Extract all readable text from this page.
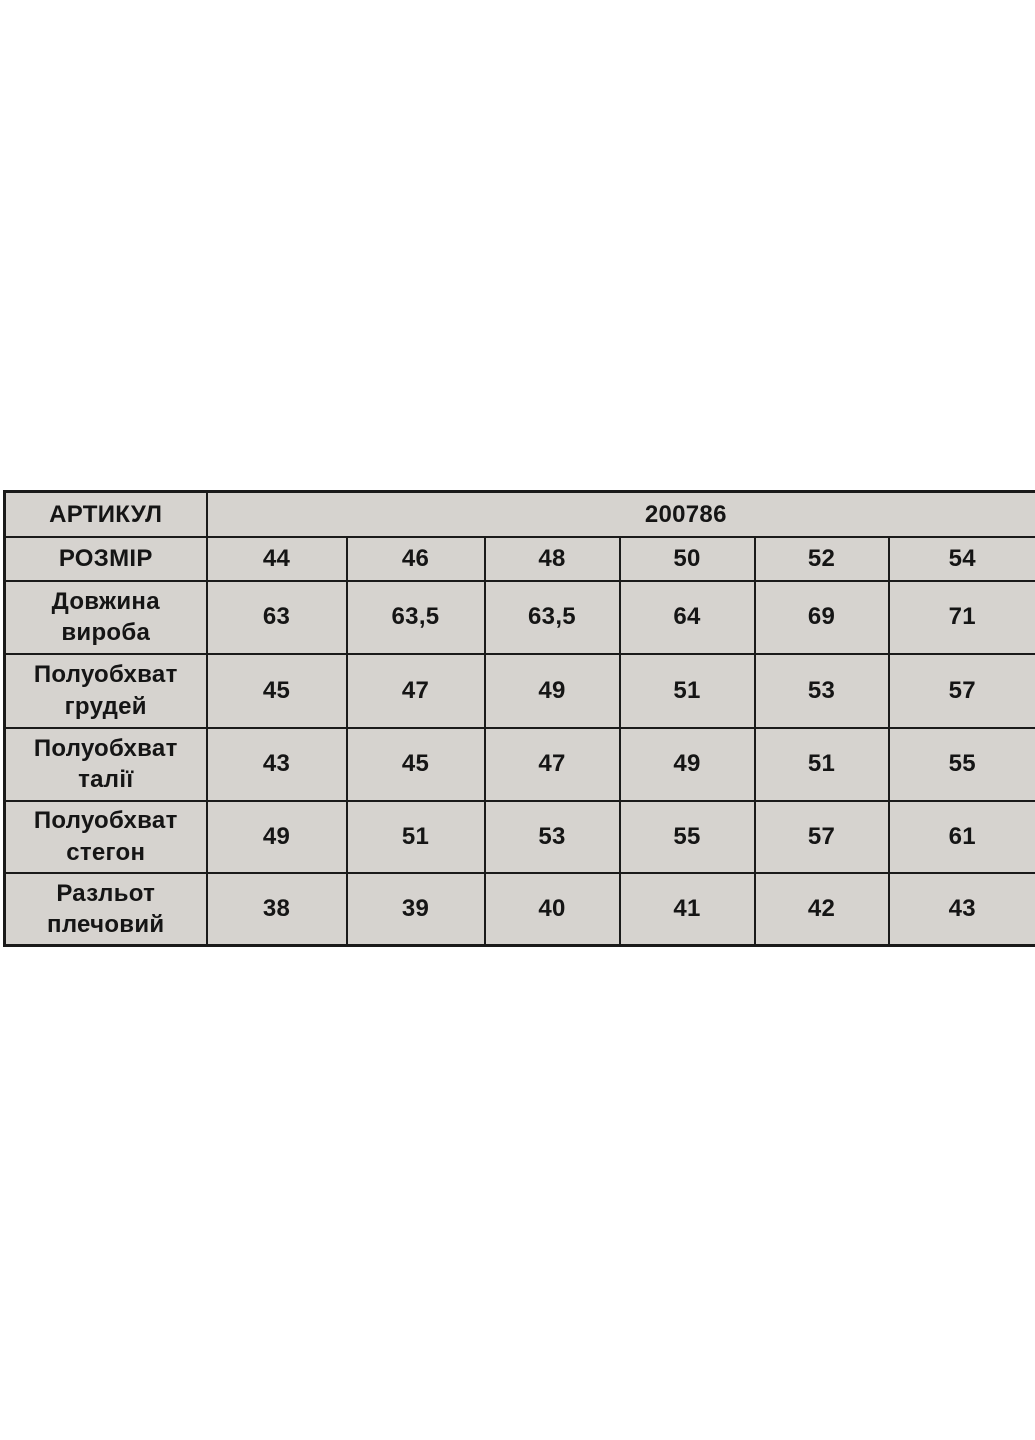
АРТИКУЛ	200786					
РОЗМІР	44	46	48	50	52	54
Довжина вироба	63	63,5	63,5	64	69	71
Полуобхват грудей	45	47	49	51	53	57
Полуобхват талії	43	45	47	49	51	55
Полуобхват стегон	49	51	53	55	57	61
Разльот плечовий	38	39	40	41	42	43
